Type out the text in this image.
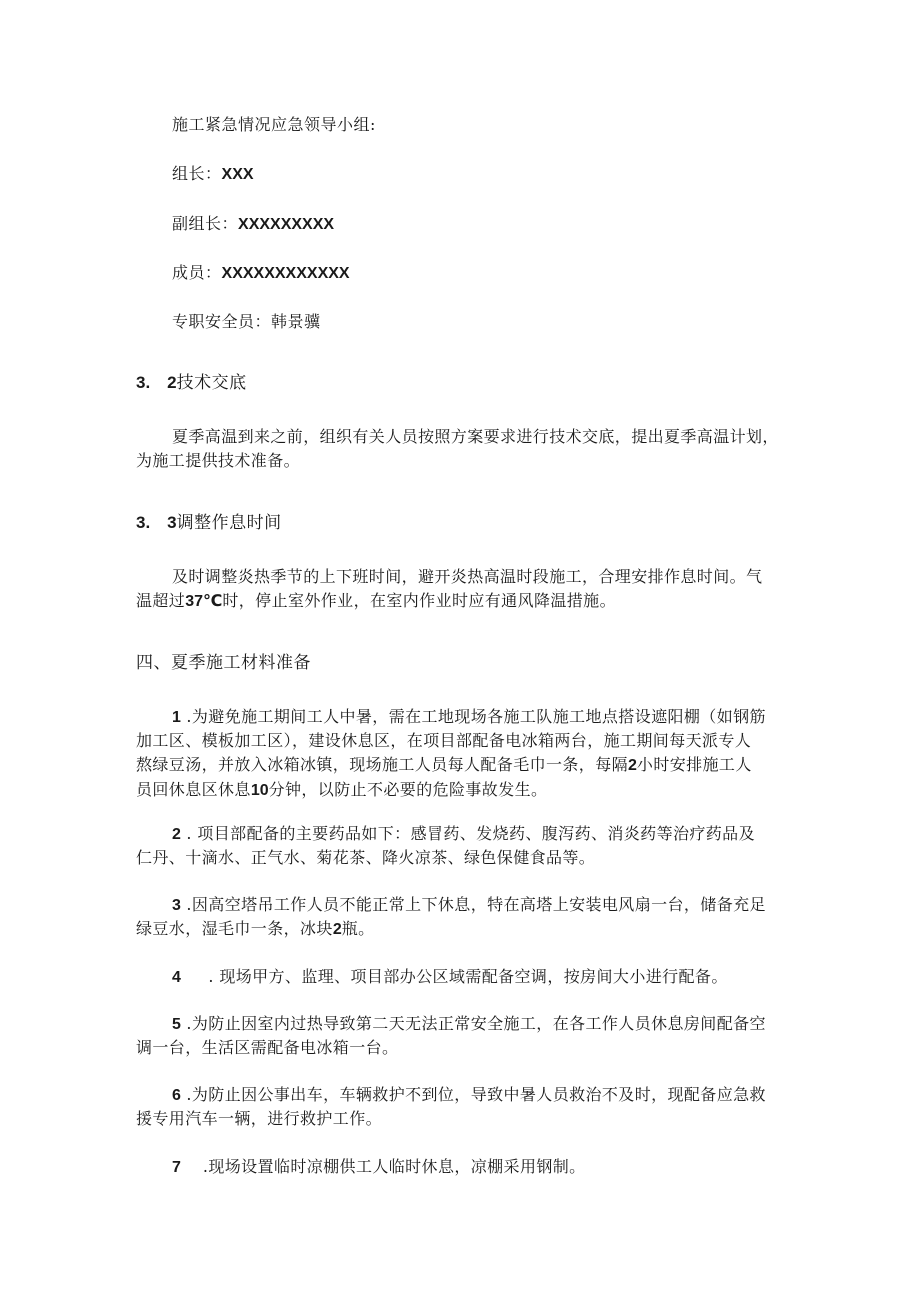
施工紧急情况应急领导小组:
组长：XXX
副组长：XXXXXXXXX
成员：XXXXXXXXXXXX
专职安全员：韩景骥
3.　2技术交底
夏季高温到来之前，组织有关人员按照方案要求进行技术交底，提出夏季高温计划，
为施工提供技术准备。
3.　3调整作息时间
及时调整炎热季节的上下班时间，避开炎热高温时段施工，合理安排作息时间。气
温超过37℃时，停止室外作业，在室内作业时应有通风降温措施。
四、夏季施工材料准备
1 .为避免施工期间工人中暑，需在工地现场各施工队施工地点搭设遮阳棚（如钢筋
加工区、模板加工区），建设休息区，在项目部配备电冰箱两台，施工期间每天派专人
熬绿豆汤，并放入冰箱冰镇，现场施工人员每人配备毛巾一条，每隔2小时安排施工人
员回休息区休息10分钟，以防止不必要的危险事故发生。
2 . 项目部配备的主要药品如下：感冒药、发烧药、腹泻药、消炎药等治疗药品及
仁丹、十滴水、正气水、菊花茶、降火凉茶、绿色保健食品等。
3 .因高空塔吊工作人员不能正常上下休息，特在高塔上安装电风扇一台，储备充足
绿豆水，湿毛巾一条，冰块2瓶。
4 . 现场甲方、监理、项目部办公区域需配备空调，按房间大小进行配备。
5 .为防止因室内过热导致第二天无法正常安全施工，在各工作人员休息房间配备空
调一台，生活区需配备电冰箱一台。
6 .为防止因公事出车，车辆救护不到位，导致中暑人员救治不及时，现配备应急救
援专用汽车一辆，进行救护工作。
7 .现场设置临时凉棚供工人临时休息，凉棚采用钢制。
